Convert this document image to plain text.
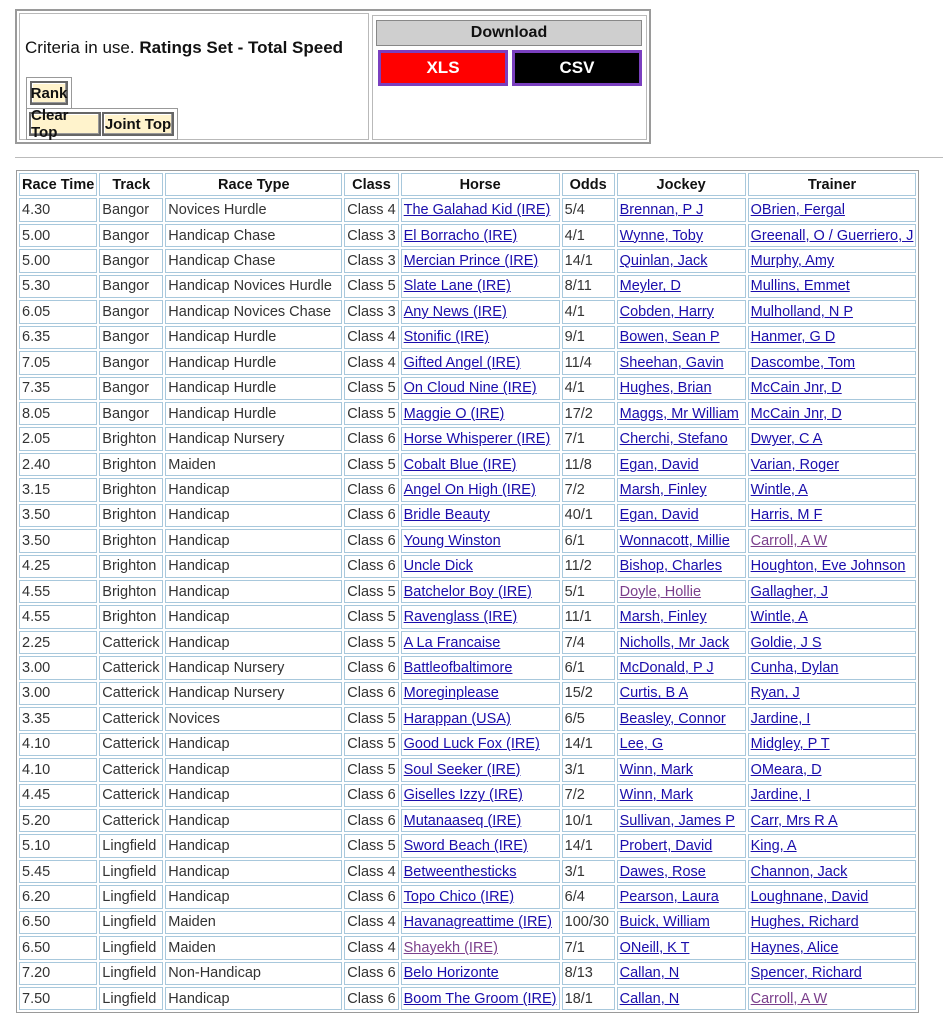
Criteria in use. Ratings Set - Total Speed
Rank
Clear Top	Joint Top
Download
XLS	CSV
Race Time	Track	Race Type	Class	Horse	Odds	Jockey	Trainer
4.30	Bangor	Novices Hurdle	Class 4	The Galahad Kid (IRE)	5/4	Brennan, P J	OBrien, Fergal
5.00	Bangor	Handicap Chase	Class 3	El Borracho (IRE)	4/1	Wynne, Toby	Greenall, O / Guerriero, J
5.00	Bangor	Handicap Chase	Class 3	Mercian Prince (IRE)	14/1	Quinlan, Jack	Murphy, Amy
5.30	Bangor	Handicap Novices Hurdle	Class 5	Slate Lane (IRE)	8/11	Meyler, D	Mullins, Emmet
6.05	Bangor	Handicap Novices Chase	Class 3	Any News (IRE)	4/1	Cobden, Harry	Mulholland, N P
6.35	Bangor	Handicap Hurdle	Class 4	Stonific (IRE)	9/1	Bowen, Sean P	Hanmer, G D
7.05	Bangor	Handicap Hurdle	Class 4	Gifted Angel (IRE)	11/4	Sheehan, Gavin	Dascombe, Tom
7.35	Bangor	Handicap Hurdle	Class 5	On Cloud Nine (IRE)	4/1	Hughes, Brian	McCain Jnr, D
8.05	Bangor	Handicap Hurdle	Class 5	Maggie O (IRE)	17/2	Maggs, Mr William	McCain Jnr, D
2.05	Brighton	Handicap Nursery	Class 6	Horse Whisperer (IRE)	7/1	Cherchi, Stefano	Dwyer, C A
2.40	Brighton	Maiden	Class 5	Cobalt Blue (IRE)	11/8	Egan, David	Varian, Roger
3.15	Brighton	Handicap	Class 6	Angel On High (IRE)	7/2	Marsh, Finley	Wintle, A
3.50	Brighton	Handicap	Class 6	Bridle Beauty	40/1	Egan, David	Harris, M F
3.50	Brighton	Handicap	Class 6	Young Winston	6/1	Wonnacott, Millie	Carroll, A W
4.25	Brighton	Handicap	Class 6	Uncle Dick	11/2	Bishop, Charles	Houghton, Eve Johnson
4.55	Brighton	Handicap	Class 5	Batchelor Boy (IRE)	5/1	Doyle, Hollie	Gallagher, J
4.55	Brighton	Handicap	Class 5	Ravenglass (IRE)	11/1	Marsh, Finley	Wintle, A
2.25	Catterick	Handicap	Class 5	A La Francaise	7/4	Nicholls, Mr Jack	Goldie, J S
3.00	Catterick	Handicap Nursery	Class 6	Battleofbaltimore	6/1	McDonald, P J	Cunha, Dylan
3.00	Catterick	Handicap Nursery	Class 6	Moreginplease	15/2	Curtis, B A	Ryan, J
3.35	Catterick	Novices	Class 5	Harappan (USA)	6/5	Beasley, Connor	Jardine, I
4.10	Catterick	Handicap	Class 5	Good Luck Fox (IRE)	14/1	Lee, G	Midgley, P T
4.10	Catterick	Handicap	Class 5	Soul Seeker (IRE)	3/1	Winn, Mark	OMeara, D
4.45	Catterick	Handicap	Class 6	Giselles Izzy (IRE)	7/2	Winn, Mark	Jardine, I
5.20	Catterick	Handicap	Class 6	Mutanaaseq (IRE)	10/1	Sullivan, James P	Carr, Mrs R A
5.10	Lingfield	Handicap	Class 5	Sword Beach (IRE)	14/1	Probert, David	King, A
5.45	Lingfield	Handicap	Class 4	Betweenthesticks	3/1	Dawes, Rose	Channon, Jack
6.20	Lingfield	Handicap	Class 6	Topo Chico (IRE)	6/4	Pearson, Laura	Loughnane, David
6.50	Lingfield	Maiden	Class 4	Havanagreattime (IRE)	100/30	Buick, William	Hughes, Richard
6.50	Lingfield	Maiden	Class 4	Shayekh (IRE)	7/1	ONeill, K T	Haynes, Alice
7.20	Lingfield	Non-Handicap	Class 6	Belo Horizonte	8/13	Callan, N	Spencer, Richard
7.50	Lingfield	Handicap	Class 6	Boom The Groom (IRE)	18/1	Callan, N	Carroll, A W
